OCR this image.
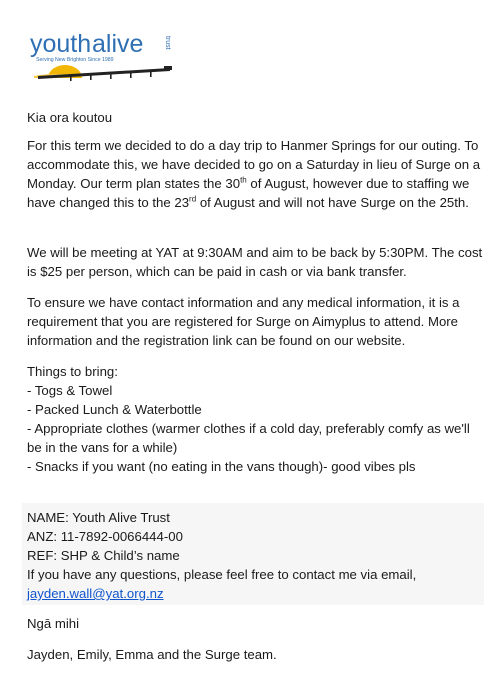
youth alive	trust
Serving New Brighton Since 1989

Kia ora koutou

For this term we decided to do a day trip to Hanmer Springs for our outing. To accommodate this, we have decided to go on a Saturday in lieu of Surge on a Monday. Our term plan states the 30th of August, however due to staffing we have changed this to the 23rd of August and will not have Surge on the 25th.

We will be meeting at YAT at 9:30AM and aim to be back by 5:30PM. The cost is $25 per person, which can be paid in cash or via bank transfer.

To ensure we have contact information and any medical information, it is a requirement that you are registered for Surge on Aimyplus to attend. More information and the registration link can be found on our website.

Things to bring:
- Togs & Towel
- Packed Lunch & Waterbottle
- Appropriate clothes (warmer clothes if a cold day, preferably comfy as we'll be in the vans for a while)
- Snacks if you want (no eating in the vans though)- good vibes pls
NAME: Youth Alive Trust
ANZ: 11-7892-0066444-00
REF: SHP & Child’s name
If you have any questions, please feel free to contact me via email,
jayden.wall@yat.org.nz

Ngā mihi

Jayden, Emily, Emma and the Surge team.
